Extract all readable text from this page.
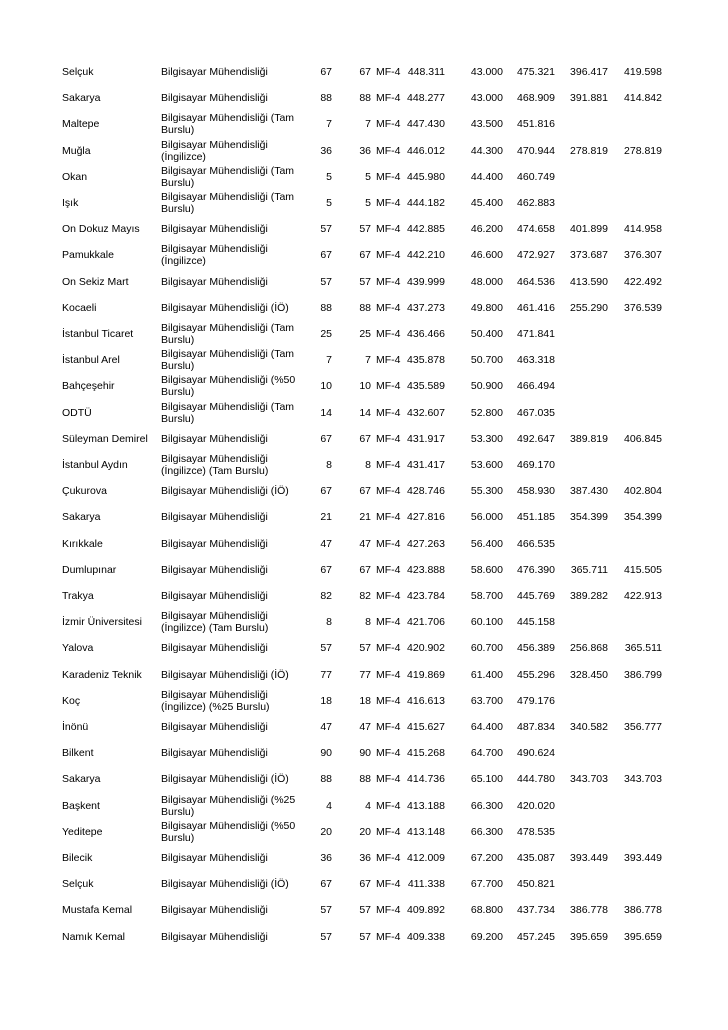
Selçuk	Bilgisayar Mühendisliği	67	67 MF-4 448.311	43.000	475.321	396.417	419.598
Sakarya	Bilgisayar Mühendisliği	88	88 MF-4 448.277	43.000	468.909	391.881	414.842
Maltepe	Bilgisayar Mühendisliği (Tam Burslu)	7	7 MF-4 447.430	43.500	451.816
Muğla	Bilgisayar Mühendisliği (İngilizce)	36	36 MF-4 446.012	44.300	470.944	278.819	278.819
Okan	Bilgisayar Mühendisliği (Tam Burslu)	5	5 MF-4 445.980	44.400	460.749
Işık	Bilgisayar Mühendisliği (Tam Burslu)	5	5 MF-4 444.182	45.400	462.883
On Dokuz Mayıs Bilgisayar Mühendisliği	57	57 MF-4 442.885	46.200	474.658	401.899	414.958
Pamukkale	Bilgisayar Mühendisliği (İngilizce)	67	67 MF-4 442.210	46.600	472.927	373.687	376.307
On Sekiz Mart	Bilgisayar Mühendisliği	57	57 MF-4 439.999	48.000	464.536	413.590	422.492
Kocaeli	Bilgisayar Mühendisliği (İÖ)	88	88 MF-4 437.273	49.800	461.416	255.290	376.539
İstanbul Ticaret	Bilgisayar Mühendisliği (Tam Burslu)	25	25 MF-4 436.466	50.400	471.841
İstanbul Arel	Bilgisayar Mühendisliği (Tam Burslu)	7	7 MF-4 435.878	50.700	463.318
Bahçeşehir	Bilgisayar Mühendisliği (%50 Burslu)	10	10 MF-4 435.589	50.900	466.494
ODTÜ	Bilgisayar Mühendisliği (Tam Burslu)	14	14 MF-4 432.607	52.800	467.035
Süleyman Demirel Bilgisayar Mühendisliği	67	67 MF-4 431.917	53.300	492.647	389.819	406.845
İstanbul Aydın	Bilgisayar Mühendisliği (İngilizce) (Tam Burslu)	8	8 MF-4 431.417	53.600	469.170
Çukurova	Bilgisayar Mühendisliği (İÖ)	67	67 MF-4 428.746	55.300	458.930	387.430	402.804
Sakarya	Bilgisayar Mühendisliği	21	21 MF-4 427.816	56.000	451.185	354.399	354.399
Kırıkkale	Bilgisayar Mühendisliği	47	47 MF-4 427.263	56.400	466.535
Dumlupınar	Bilgisayar Mühendisliği	67	67 MF-4 423.888	58.600	476.390	365.711	415.505
Trakya	Bilgisayar Mühendisliği	82	82 MF-4 423.784	58.700	445.769	389.282	422.913
İzmir Üniversitesi Bilgisayar Mühendisliği (İngilizce) (Tam Burslu)	8	8 MF-4 421.706	60.100	445.158
Yalova	Bilgisayar Mühendisliği	57	57 MF-4 420.902	60.700	456.389	256.868	365.511
Karadeniz Teknik Bilgisayar Mühendisliği (İÖ)	77	77 MF-4 419.869	61.400	455.296	328.450	386.799
Koç	Bilgisayar Mühendisliği (İngilizce) (%25 Burslu)	18	18 MF-4 416.613	63.700	479.176
İnönü	Bilgisayar Mühendisliği	47	47 MF-4 415.627	64.400	487.834	340.582	356.777
Bilkent	Bilgisayar Mühendisliği	90	90 MF-4 415.268	64.700	490.624
Sakarya	Bilgisayar Mühendisliği (İÖ)	88	88 MF-4 414.736	65.100	444.780	343.703	343.703
Başkent	Bilgisayar Mühendisliği (%25 Burslu)	4	4 MF-4 413.188	66.300	420.020
Yeditepe	Bilgisayar Mühendisliği (%50 Burslu)	20	20 MF-4 413.148	66.300	478.535
Bilecik	Bilgisayar Mühendisliği	36	36 MF-4 412.009	67.200	435.087	393.449	393.449
Selçuk	Bilgisayar Mühendisliği (İÖ)	67	67 MF-4 411.338	67.700	450.821
Mustafa Kemal	Bilgisayar Mühendisliği	57	57 MF-4 409.892	68.800	437.734	386.778	386.778
Namık Kemal	Bilgisayar Mühendisliği	57	57 MF-4 409.338	69.200	457.245	395.659	395.659
